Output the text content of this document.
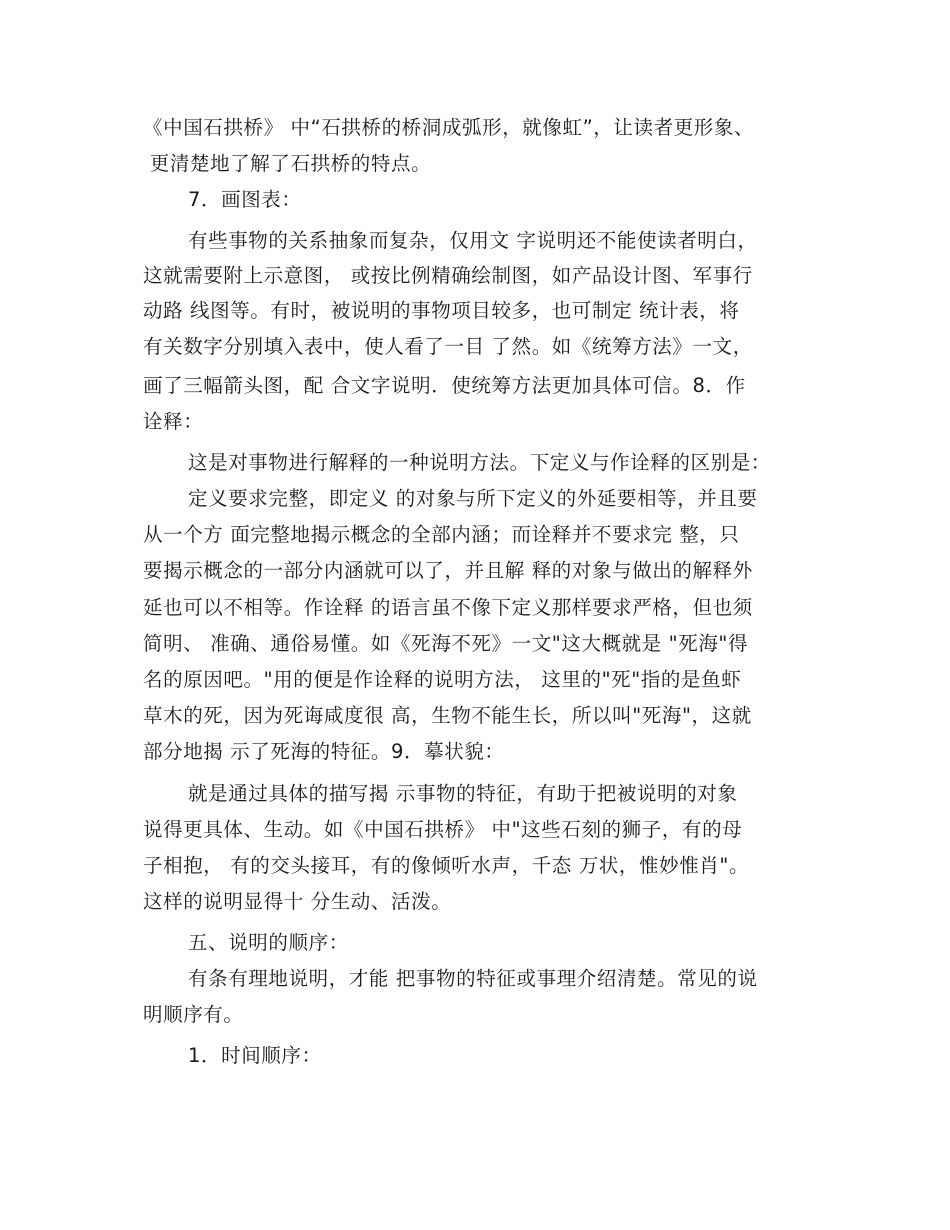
《中国石拱桥》 中“石拱桥的桥洞成弧形，就像虹”，让读者更形象、
更清楚地了解了石拱桥的特点。
7．画图表：
有些事物的关系抽象而复杂，仅用文 字说明还不能使读者明白，
这就需要附上示意图， 或按比例精确绘制图，如产品设计图、军事行
动路 线图等。有时，被说明的事物项目较多，也可制定 统计表，将
有关数字分别填入表中，使人看了一目 了然。如《统筹方法》一文，
画了三幅箭头图，配 合文字说明．使统筹方法更加具体可信。8．作
诠释：
这是对事物进行解释的一种说明方法。下定义与作诠释的区别是：
定义要求完整，即定义 的对象与所下定义的外延要相等，并且要
从一个方 面完整地揭示概念的全部内涵；而诠释并不要求完 整，只
要揭示概念的一部分内涵就可以了，并且解 释的对象与做出的解释外
延也可以不相等。作诠释 的语言虽不像下定义那样要求严格，但也须
简明、 准确、通俗易懂。如《死海不死》一文"这大概就是 "死海"得
名的原因吧。"用的便是作诠释的说明方法， 这里的"死"指的是鱼虾
草木的死，因为死诲咸度很 高，生物不能生长，所以叫"死海"，这就
部分地揭 示了死海的特征。9．摹状貌：
就是通过具体的描写揭 示事物的特征，有助于把被说明的对象
说得更具体、生动。如《中国石拱桥》 中"这些石刻的狮子，有的母
子相抱， 有的交头接耳，有的像倾听水声，千态 万状，惟妙惟肖"。
这样的说明显得十 分生动、活泼。
五、说明的顺序：
有条有理地说明，才能 把事物的特征或事理介绍清楚。常见的说
明顺序有。
1．时间顺序：
